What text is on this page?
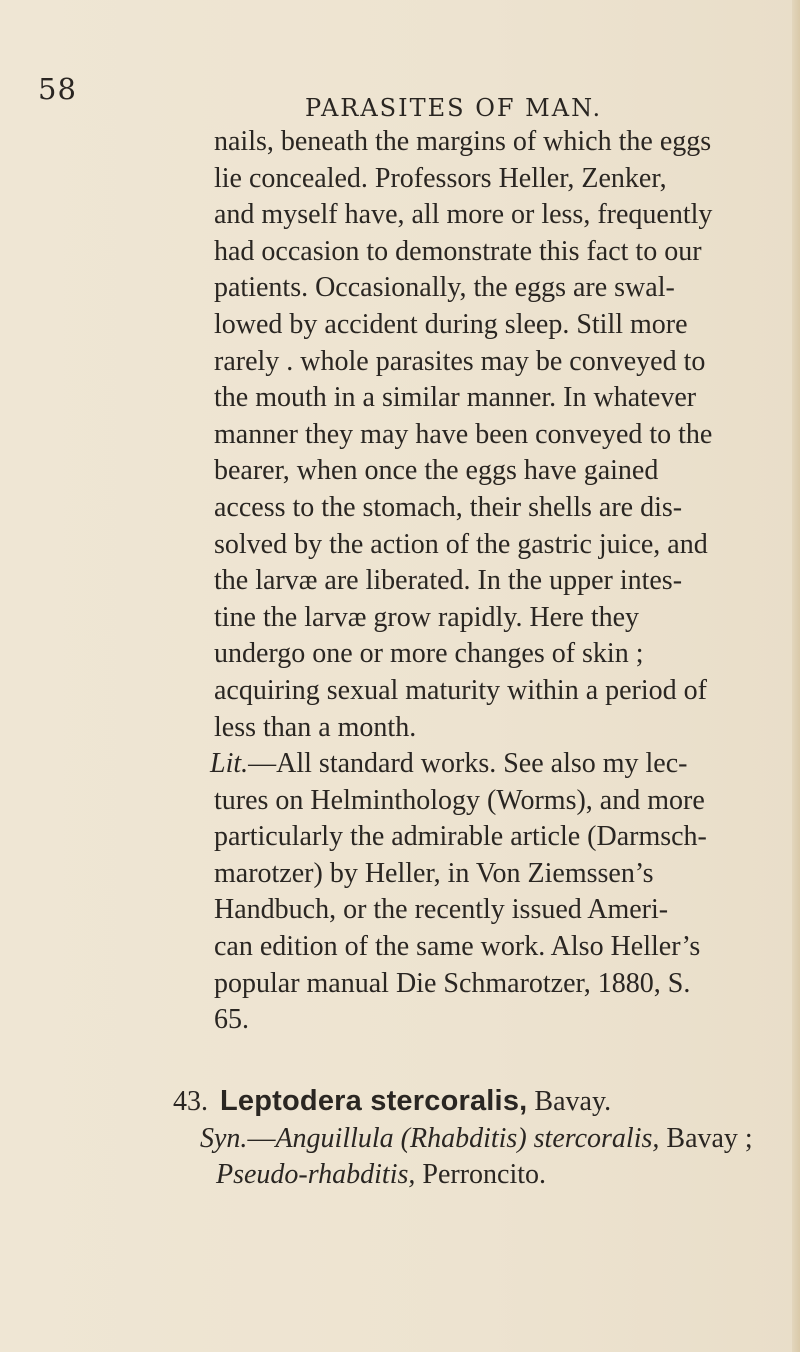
58
PARASITES OF MAN.
nails, beneath the margins of which the eggs
lie concealed. Professors Heller, Zenker,
and myself have, all more or less, frequently
had occasion to demonstrate this fact to our
patients. Occasionally, the eggs are swal-
lowed by accident during sleep. Still more
rarely . whole parasites may be conveyed to
the mouth in a similar manner. In whatever
manner they may have been conveyed to the
bearer, when once the eggs have gained
access to the stomach, their shells are dis-
solved by the action of the gastric juice, and
the larvæ are liberated. In the upper intes-
tine the larvæ grow rapidly. Here they
undergo one or more changes of skin ;
acquiring sexual maturity within a period of
less than a month.
Lit.—All standard works. See also my lec-
tures on Helminthology (Worms), and more
particularly the admirable article (Darmsch-
marotzer) by Heller, in Von Ziemssen’s
Handbuch, or the recently issued Ameri-
can edition of the same work. Also Heller’s
popular manual Die Schmarotzer, 1880, S.
65.
43. Leptodera stercoralis, Bavay.
Syn.—Anguillula (Rhabditis) stercoralis, Bavay ;
Pseudo-rhabditis, Perroncito.
